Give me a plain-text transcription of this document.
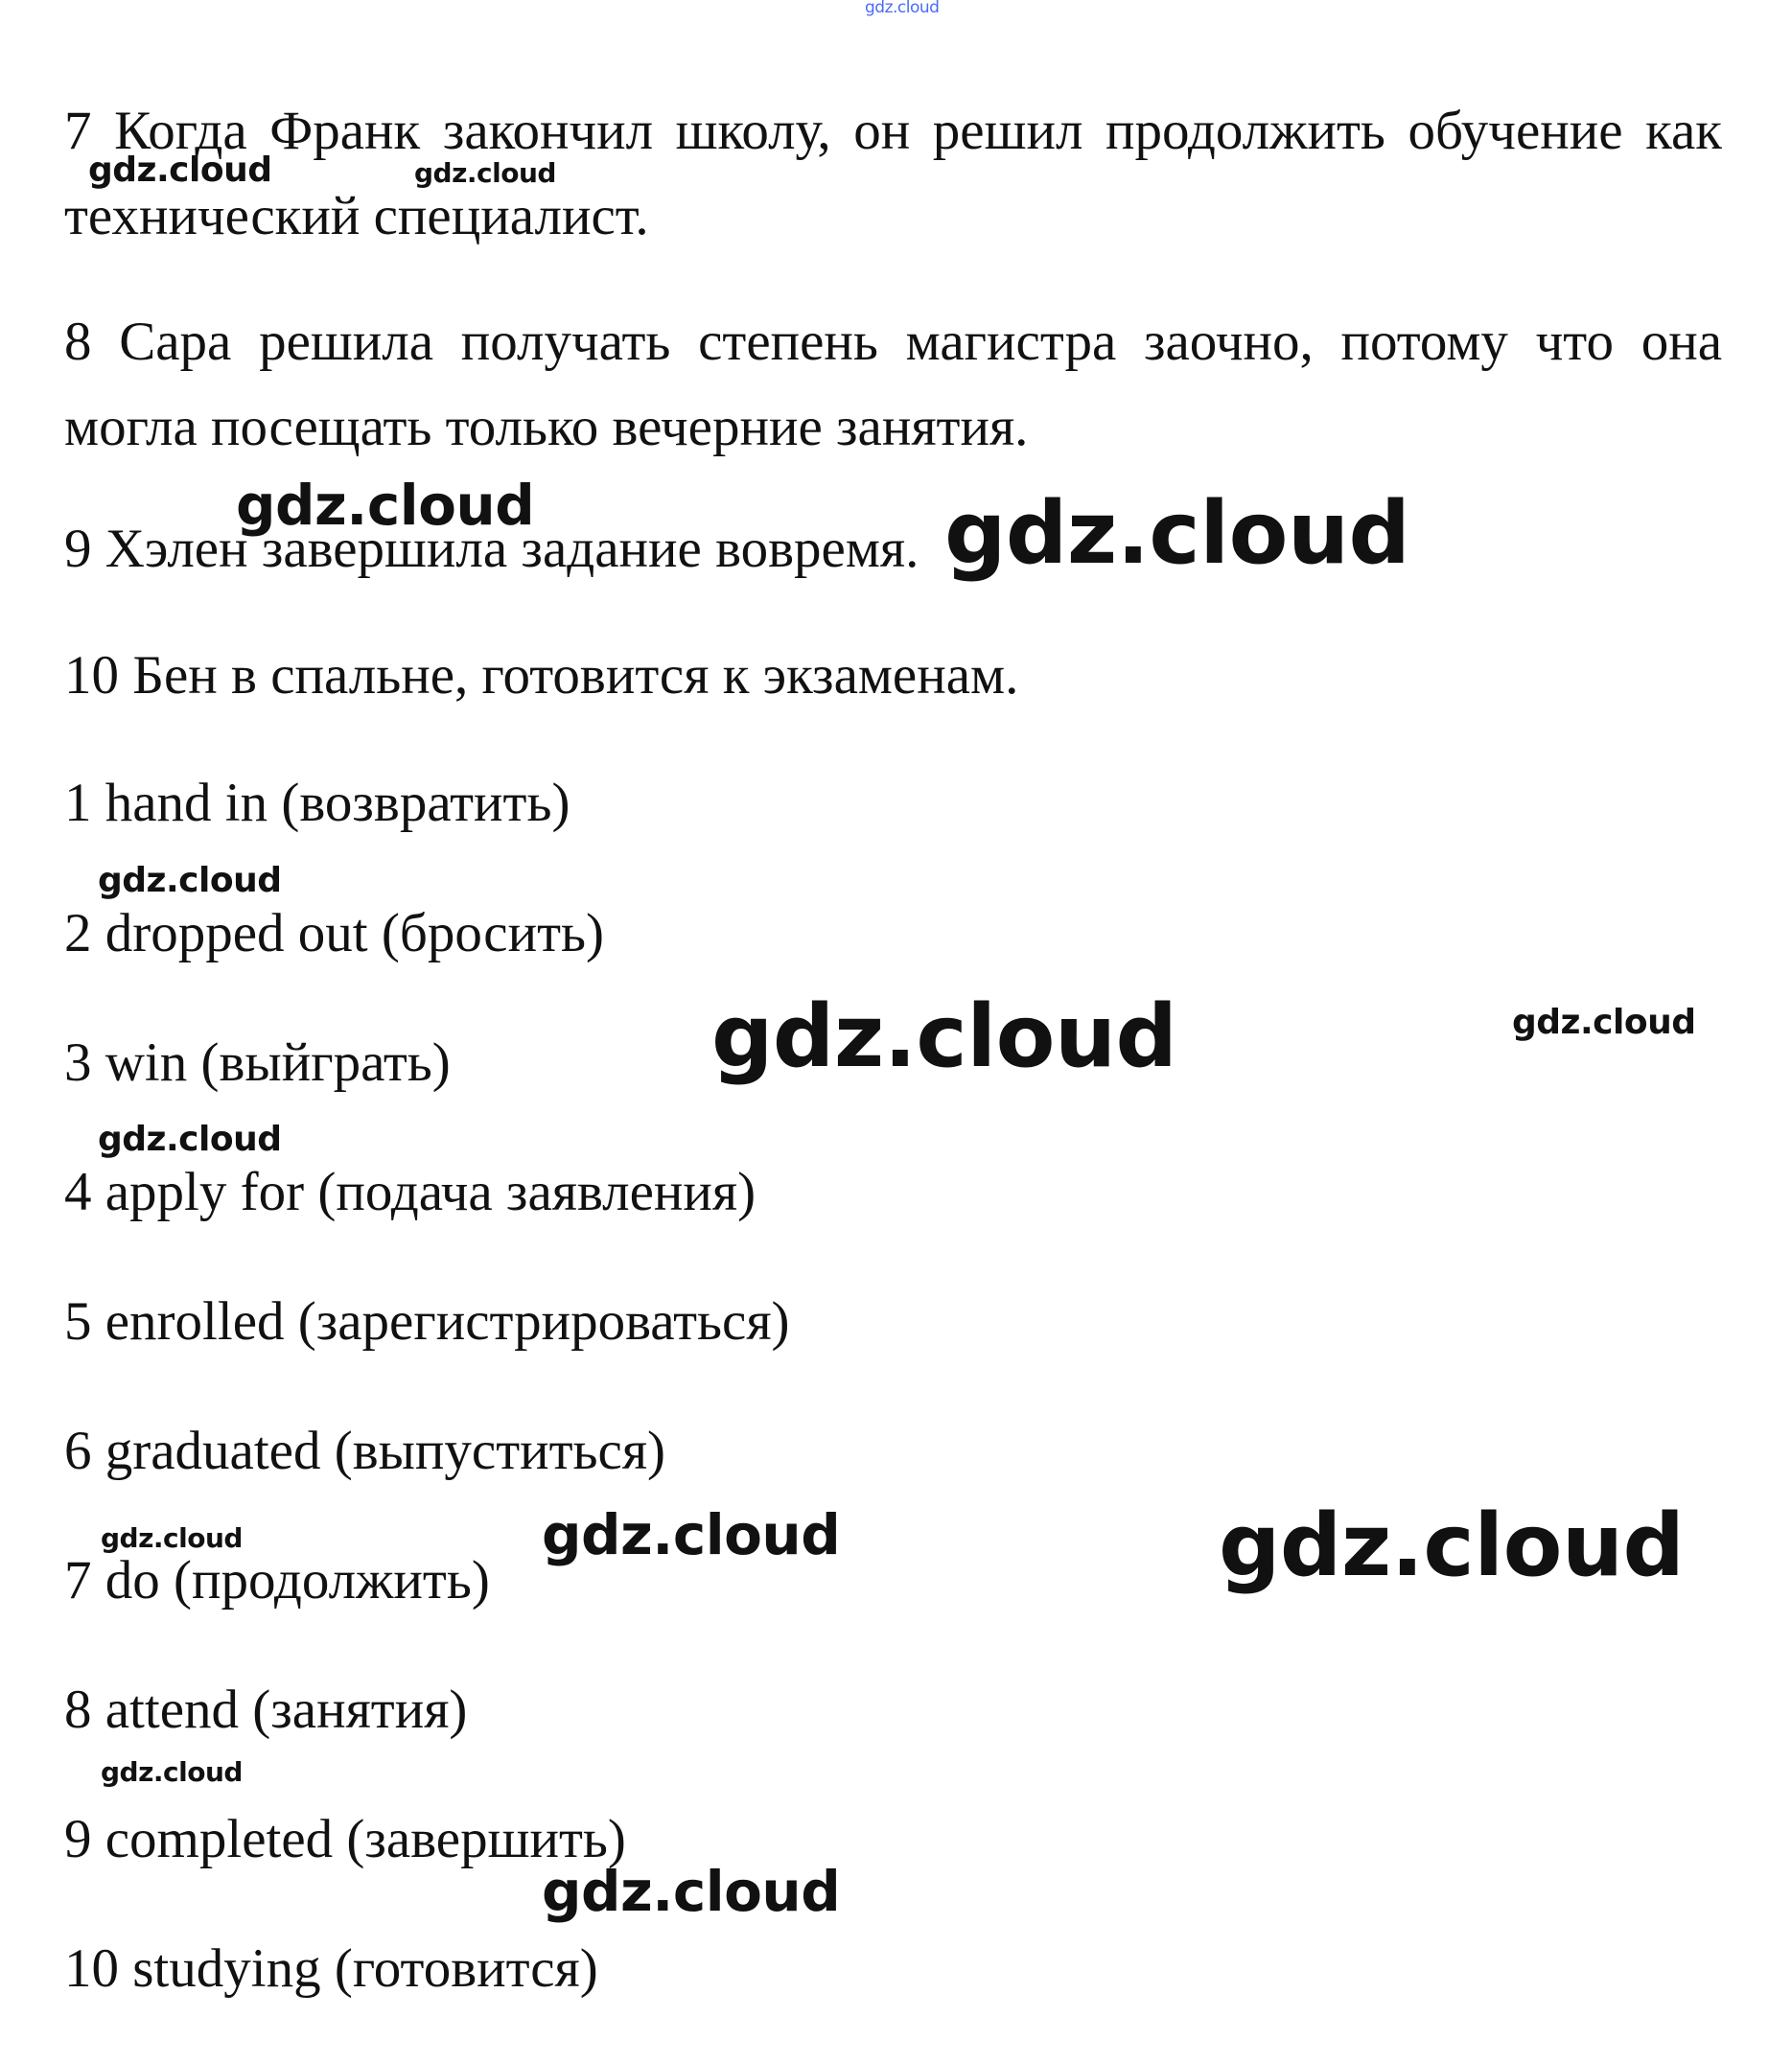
7 Когда Франк закончил школу, он решил продолжить обучение как

технический специалист.

8 Сара решила получать степень магистра заочно, потому что она

могла посещать только вечерние занятия.

9 Хэлен завершила задание вовремя.

10 Бен в спальне, готовится к экзаменам.

1 hand in (возвратить)

2 dropped out (бросить)

3 win (выйграть)

4 apply for (подача заявления)

5 enrolled (зарегистрироваться)

6 graduated (выпуститься)

7 do (продолжить)

8 attend (занятия)

9 completed (завершить)

10 studying (готовится)

gdz.cloud
gdz.cloud	gdz.cloud
gdz.cloud	gdz.cloud
gdz.cloud
gdz.cloud	gdz.cloud
gdz.cloud
gdz.cloud	gdz.cloud	gdz.cloud
gdz.cloud
gdz.cloud
